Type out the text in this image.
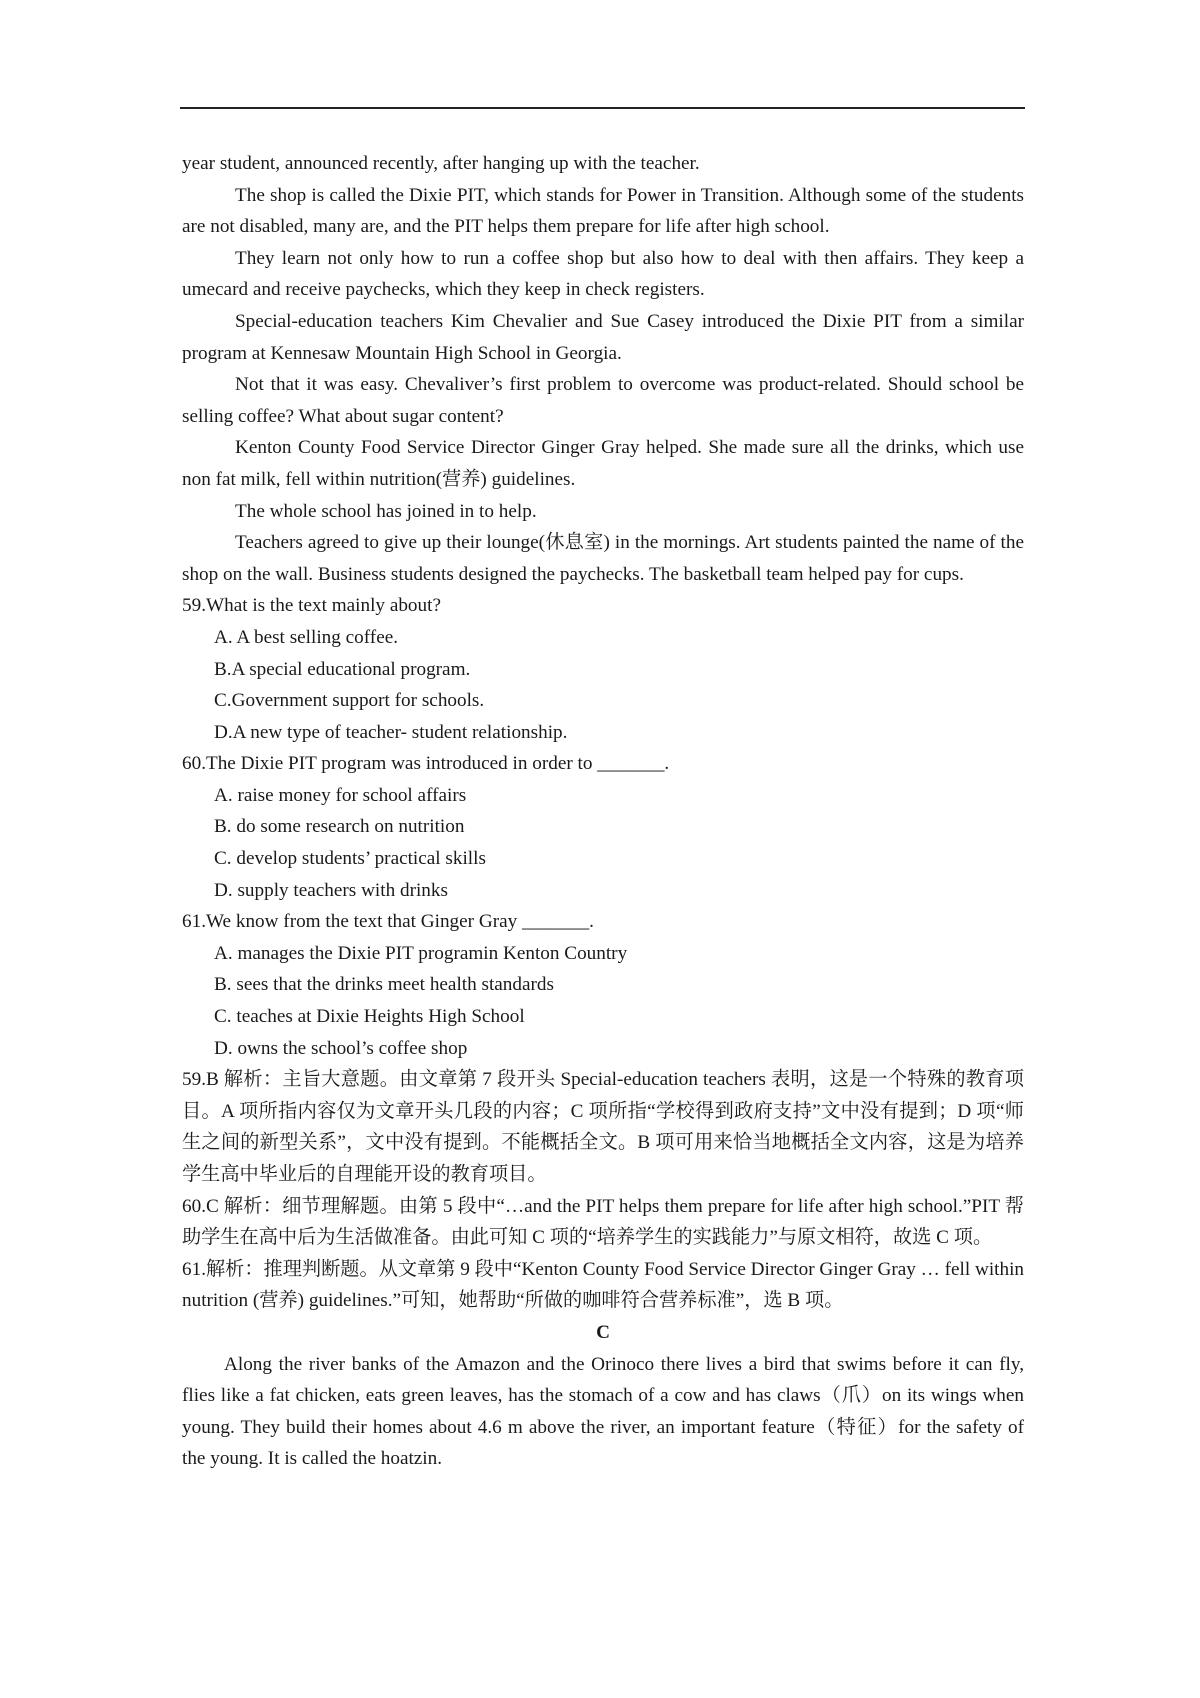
year student, announced recently, after hanging up with the teacher.

The shop is called the Dixie PIT, which stands for Power in Transition. Although some of the students are not disabled, many are, and the PIT helps them prepare for life after high school.

They learn not only how to run a coffee shop but also how to deal with then affairs. They keep a umecard and receive paychecks, which they keep in check registers.

Special-education teachers Kim Chevalier and Sue Casey introduced the Dixie PIT from a similar program at Kennesaw Mountain High School in Georgia.

Not that it was easy. Chevaliver’s first problem to overcome was product-related. Should school be selling coffee? What about sugar content?

Kenton County Food Service Director Ginger Gray helped. She made sure all the drinks, which use non fat milk, fell within nutrition(营养) guidelines.

The whole school has joined in to help.

Teachers agreed to give up their lounge(休息室) in the mornings. Art students painted the name of the shop on the wall. Business students designed the paychecks. The basketball team helped pay for cups.

59.What is the text mainly about?

A. A best selling coffee.

B.A special educational program.

C.Government support for schools.

D.A new type of teacher- student relationship.

60.The Dixie PIT program was introduced in order to _______.

A. raise money for school affairs

B. do some research on nutrition

C. develop students’ practical skills

D. supply teachers with drinks

61.We know from the text that Ginger Gray _______.

A. manages the Dixie PIT programin Kenton Country

B. sees that the drinks meet health standards

C. teaches at Dixie Heights High School

D. owns the school’s coffee shop

59.B 解析：主旨大意题。由文章第 7 段开头 Special-education teachers 表明，这是一个特殊的教育项目。A 项所指内容仅为文章开头几段的内容；C 项所指“学校得到政府支持”文中没有提到；D 项“师生之间的新型关系”，文中没有提到。不能概括全文。B 项可用来恰当地概括全文内容，这是为培养学生高中毕业后的自理能开设的教育项目。

60.C 解析：细节理解题。由第 5 段中“…and the PIT helps them prepare for life after high school.”PIT 帮助学生在高中后为生活做准备。由此可知 C 项的“培养学生的实践能力”与原文相符，故选 C 项。

61.解析：推理判断题。从文章第 9 段中“Kenton County Food Service Director Ginger Gray … fell within nutrition (营养) guidelines.”可知，她帮助“所做的咖啡符合营养标准”，选 B 项。

C

Along the river banks of the Amazon and the Orinoco there lives a bird that swims before it can fly, flies like a fat chicken, eats green leaves, has the stomach of a cow and has claws（爪）on its wings when young. They build their homes about 4.6 m above the river, an important feature（特征）for the safety of the young. It is called the hoatzin.
